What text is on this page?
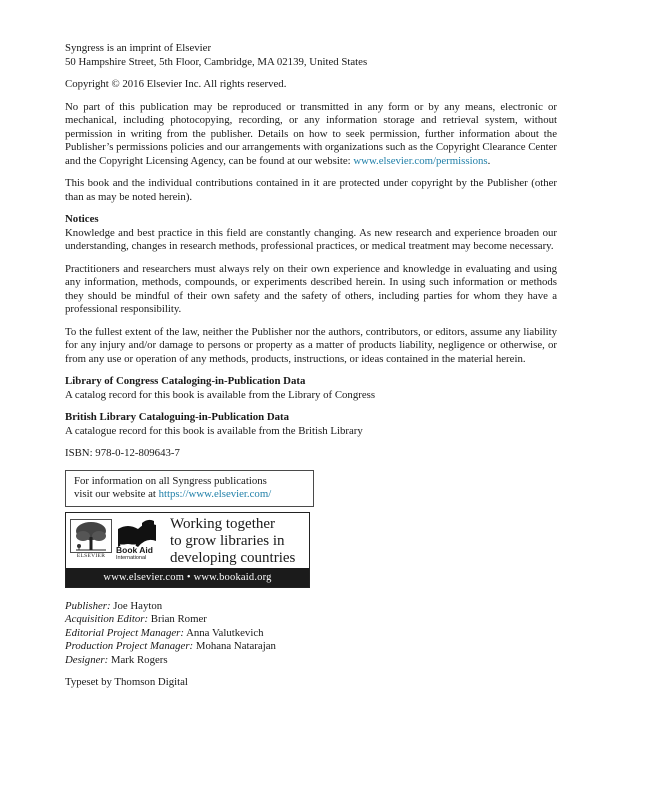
Syngress is an imprint of Elsevier

50 Hampshire Street, 5th Floor, Cambridge, MA 02139, United States

Copyright © 2016 Elsevier Inc. All rights reserved.

No part of this publication may be reproduced or transmitted in any form or by any means, electronic or mechanical, including photocopying, recording, or any information storage and retrieval system, without permission in writing from the publisher. Details on how to seek permission, further information about the Publisher’s permissions policies and our arrangements with organizations such as the Copyright Clearance Center and the Copyright Licensing Agency, can be found at our website: www.elsevier.com/permissions.

This book and the individual contributions contained in it are protected under copyright by the Publisher (other than as may be noted herein).

Notices

Knowledge and best practice in this field are constantly changing. As new research and experience broaden our understanding, changes in research methods, professional practices, or medical treatment may become necessary.

Practitioners and researchers must always rely on their own experience and knowledge in evaluating and using any information, methods, compounds, or experiments described herein. In using such information or methods they should be mindful of their own safety and the safety of others, including parties for whom they have a professional responsibility.

To the fullest extent of the law, neither the Publisher nor the authors, contributors, or editors, assume any liability for any injury and/or damage to persons or property as a matter of products liability, negligence or otherwise, or from any use or operation of any methods, products, instructions, or ideas contained in the material herein.

Library of Congress Cataloging-in-Publication Data

A catalog record for this book is available from the Library of Congress

British Library Cataloguing-in-Publication Data

A catalogue record for this book is available from the British Library

ISBN: 978-0-12-809643-7

For information on all Syngress publications
visit our website at https://www.elsevier.com/
ELSEVIER
Book Aid
International
Working together
to grow libraries in
developing countries
www.elsevier.com • www.bookaid.org
Publisher: Joe Hayton
Acquisition Editor: Brian Romer
Editorial Project Manager: Anna Valutkevich
Production Project Manager: Mohana Natarajan
Designer: Mark Rogers

Typeset by Thomson Digital
